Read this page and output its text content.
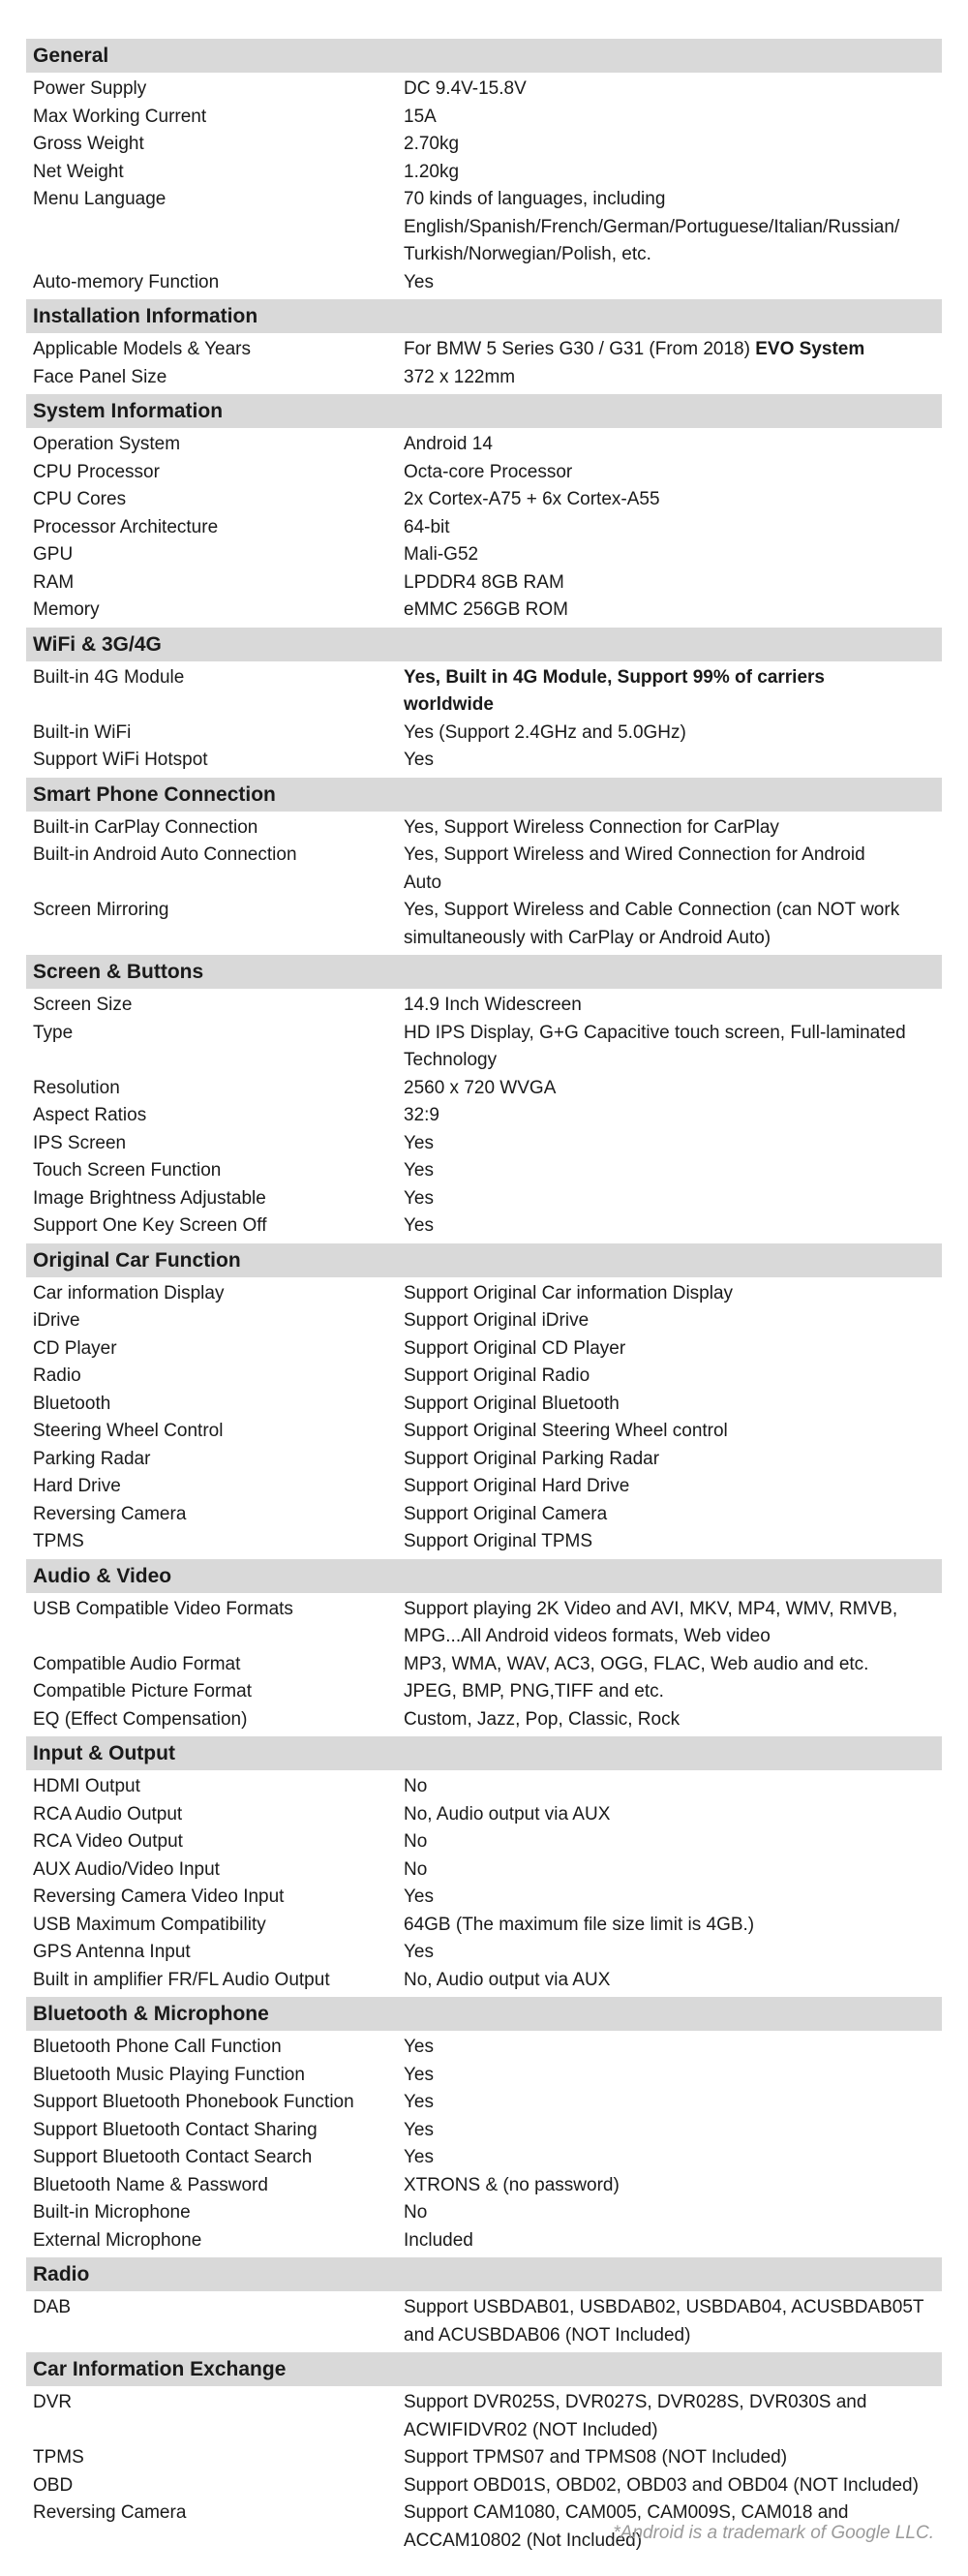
General
Power Supply	DC 9.4V-15.8V
Max Working Current	15A
Gross Weight	2.70kg
Net Weight	1.20kg
Menu Language	70 kinds of languages, including
English/Spanish/French/German/Portuguese/Italian/Russian/
Turkish/Norwegian/Polish, etc.
Auto-memory Function	Yes
Installation Information
Applicable Models & Years	For BMW 5 Series G30 / G31 (From 2018) EVO System
Face Panel Size	372 x 122mm
System Information
Operation System	Android 14
CPU Processor	Octa-core Processor
CPU Cores	2x Cortex-A75 + 6x Cortex-A55
Processor Architecture	64-bit
GPU	Mali-G52
RAM	LPDDR4 8GB RAM
Memory	eMMC 256GB ROM
WiFi & 3G/4G
Built-in 4G Module	Yes, Built in 4G Module, Support 99% of carriers
worldwide
Built-in WiFi	Yes (Support 2.4GHz and 5.0GHz)
Support WiFi Hotspot	Yes
Smart Phone Connection
Built-in CarPlay Connection	Yes, Support Wireless Connection for CarPlay
Built-in Android Auto Connection	Yes, Support Wireless and Wired Connection for Android
Auto
Screen Mirroring	Yes, Support Wireless and Cable Connection (can NOT work
simultaneously with CarPlay or Android Auto)
Screen & Buttons
Screen Size	14.9 Inch Widescreen
Type	HD IPS Display, G+G Capacitive touch screen, Full-laminated
Technology
Resolution	2560 x 720 WVGA
Aspect Ratios	32:9
IPS Screen	Yes
Touch Screen Function	Yes
Image Brightness Adjustable	Yes
Support One Key Screen Off	Yes
Original Car Function
Car information Display	Support Original Car information Display
iDrive	Support Original iDrive
CD Player	Support Original CD Player
Radio	Support Original Radio
Bluetooth	Support Original Bluetooth
Steering Wheel Control	Support Original Steering Wheel control
Parking Radar	Support Original Parking Radar
Hard Drive	Support Original Hard Drive
Reversing Camera	Support Original Camera
TPMS	Support Original TPMS
Audio & Video
USB Compatible Video Formats	Support playing 2K Video and AVI, MKV, MP4, WMV, RMVB,
MPG...All Android videos formats, Web video
Compatible Audio Format	MP3, WMA, WAV, AC3, OGG, FLAC, Web audio and etc.
Compatible Picture Format	JPEG, BMP, PNG,TIFF and etc.
EQ (Effect Compensation)	Custom, Jazz, Pop, Classic, Rock
Input & Output
HDMI Output	No
RCA Audio Output	No, Audio output via AUX
RCA Video Output	No
AUX Audio/Video Input	No
Reversing Camera Video Input	Yes
USB Maximum Compatibility	64GB (The maximum file size limit is 4GB.)
GPS Antenna Input	Yes
Built in amplifier FR/FL Audio Output	No, Audio output via AUX
Bluetooth & Microphone
Bluetooth Phone Call Function	Yes
Bluetooth Music Playing Function	Yes
Support Bluetooth Phonebook Function	Yes
Support Bluetooth Contact Sharing	Yes
Support Bluetooth Contact Search	Yes
Bluetooth Name & Password	XTRONS & (no password)
Built-in Microphone	No
External Microphone	Included
Radio
DAB	Support USBDAB01, USBDAB02, USBDAB04, ACUSBDAB05T
and ACUSBDAB06 (NOT Included)
Car Information Exchange
DVR	Support DVR025S, DVR027S, DVR028S, DVR030S and
ACWIFIDVR02 (NOT Included)
TPMS	Support TPMS07 and TPMS08 (NOT Included)
OBD	Support OBD01S, OBD02, OBD03 and OBD04 (NOT Included)
Reversing Camera	Support CAM1080, CAM005, CAM009S, CAM018 and
ACCAM10802 (Not Included)
*Android is a trademark of Google LLC.
